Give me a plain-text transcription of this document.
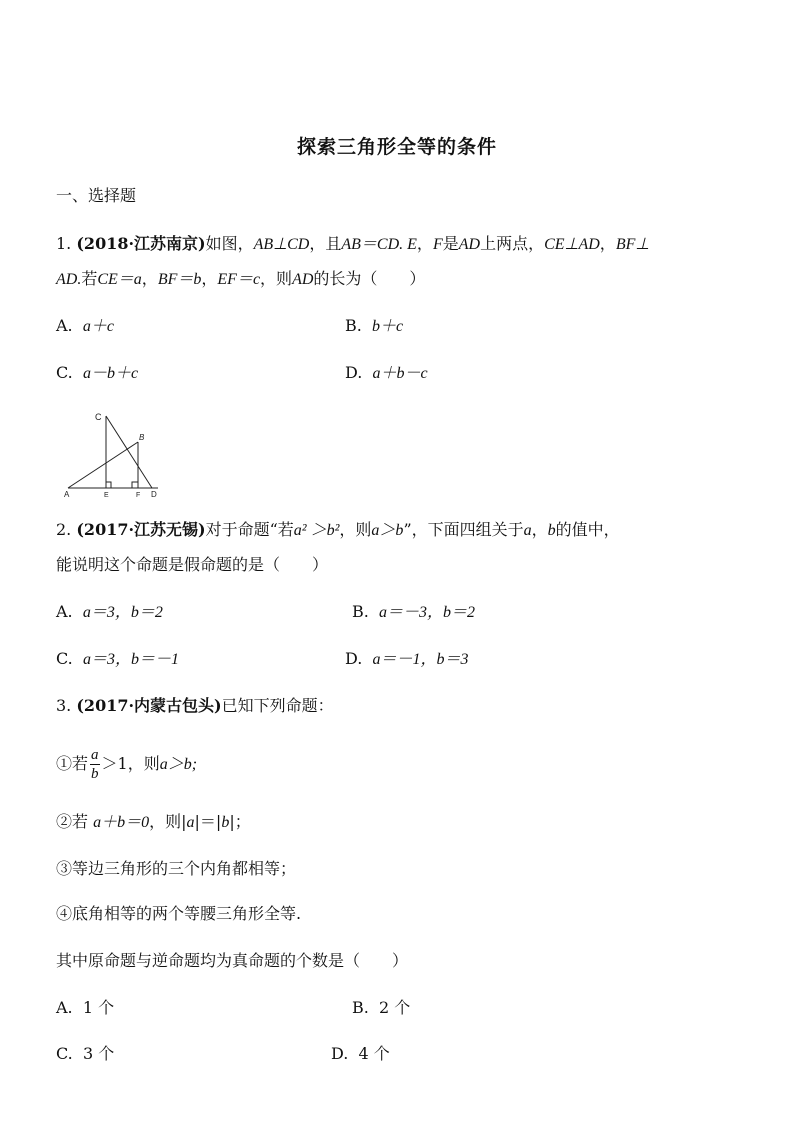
探索三角形全等的条件
一、选择题
1. (2018·江苏南京)如图，AB⊥CD，且AB＝CD. E，F是AD上两点，CE⊥AD，BF⊥
AD.若CE＝a，BF＝b，EF＝c，则AD的长为（　　）
A. a＋c	B. b＋c
C. a－b＋c	D. a＋b－c
C
B
A	E	F D
2. (2017·江苏无锡)对于命题“若a² ＞b²，则a＞b”，下面四组关于a，b的值中，
能说明这个命题是假命题的是（　　）
A. a＝3，b＝2	B. a＝－3，b＝2
C. a＝3，b＝－1	D. a＝－1，b＝3
3. (2017·内蒙古包头)已知下列命题：
①若 $\frac{a}{b} >1$，则a＞b;
②若 a＋b＝0，则|a|＝|b|；
③等边三角形的三个内角都相等；
④底角相等的两个等腰三角形全等.
其中原命题与逆命题均为真命题的个数是（　　）
A. 1 个	B. 2 个
C. 3 个	D. 4 个
